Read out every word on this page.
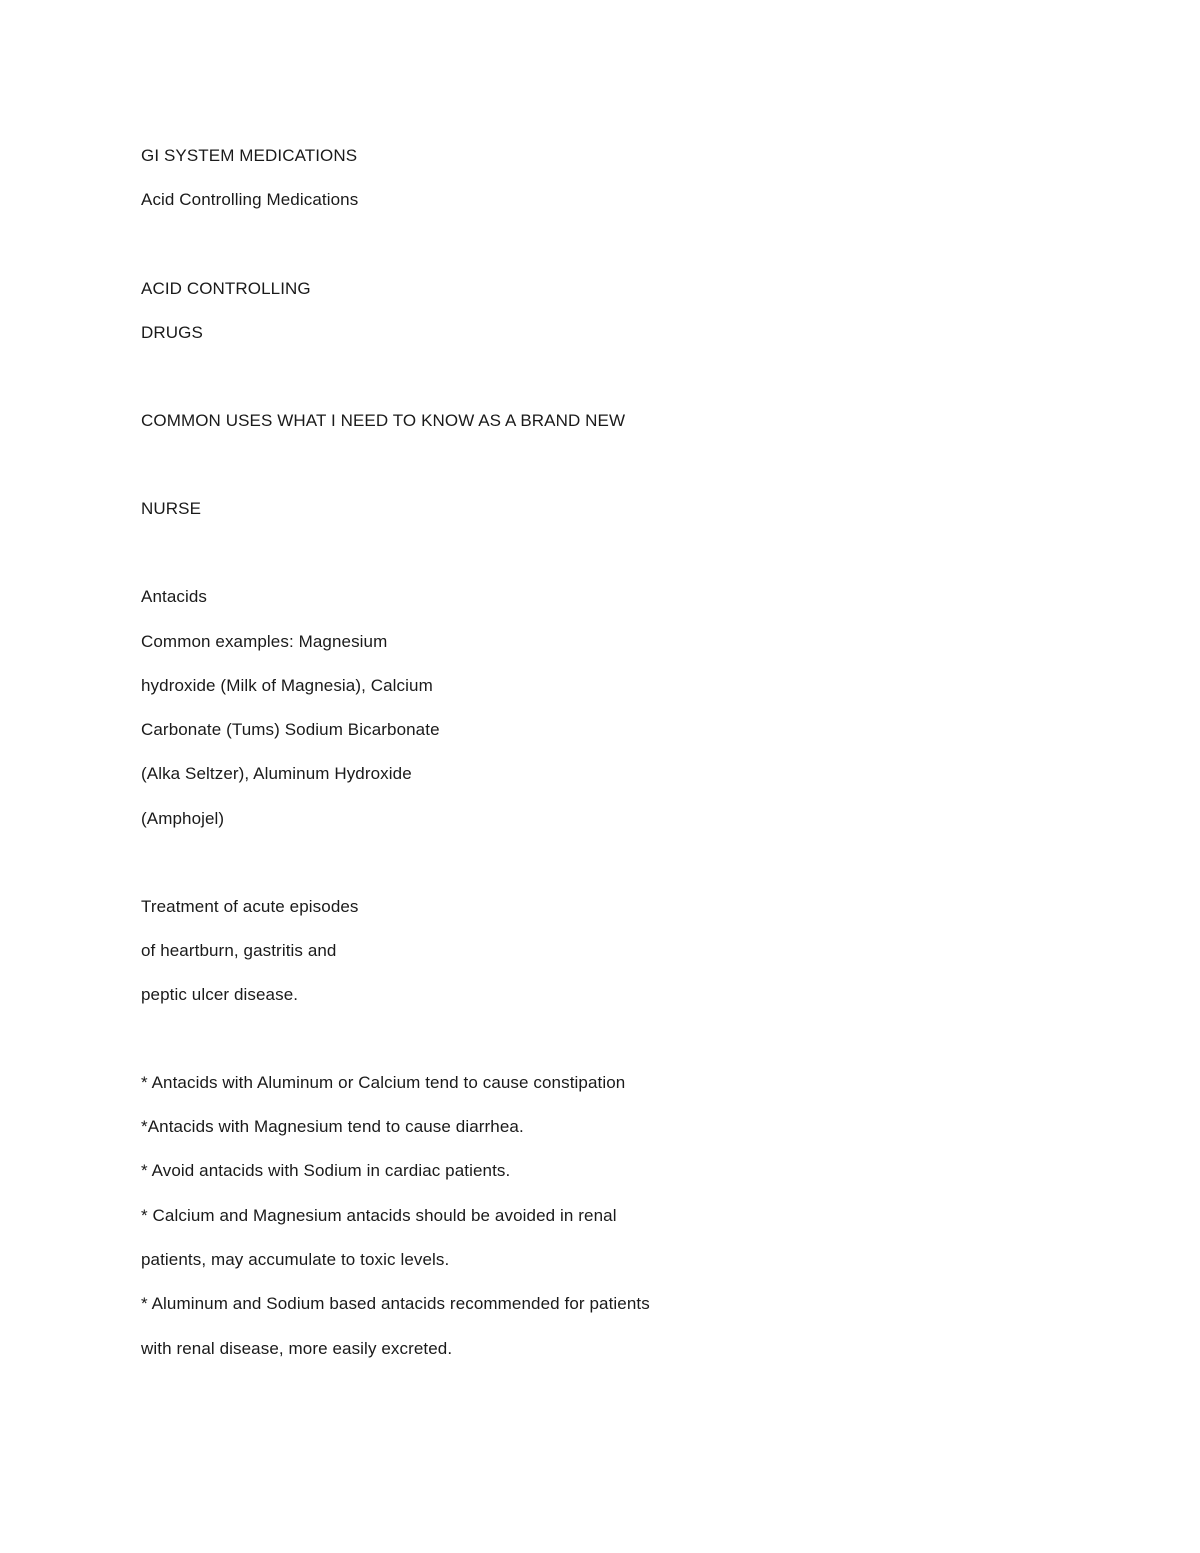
GI SYSTEM MEDICATIONS

Acid Controlling Medications

ACID CONTROLLING

DRUGS

COMMON USES WHAT I NEED TO KNOW AS A BRAND NEW

NURSE

Antacids

Common examples: Magnesium

hydroxide (Milk of Magnesia), Calcium

Carbonate (Tums) Sodium Bicarbonate

(Alka Seltzer), Aluminum Hydroxide

(Amphojel)

Treatment of acute episodes

of heartburn, gastritis and

peptic ulcer disease.

* Antacids with Aluminum or Calcium tend to cause constipation

*Antacids with Magnesium tend to cause diarrhea.

* Avoid antacids with Sodium in cardiac patients.

* Calcium and Magnesium antacids should be avoided in renal

patients, may accumulate to toxic levels.

* Aluminum and Sodium based antacids recommended for patients

with renal disease, more easily excreted.
